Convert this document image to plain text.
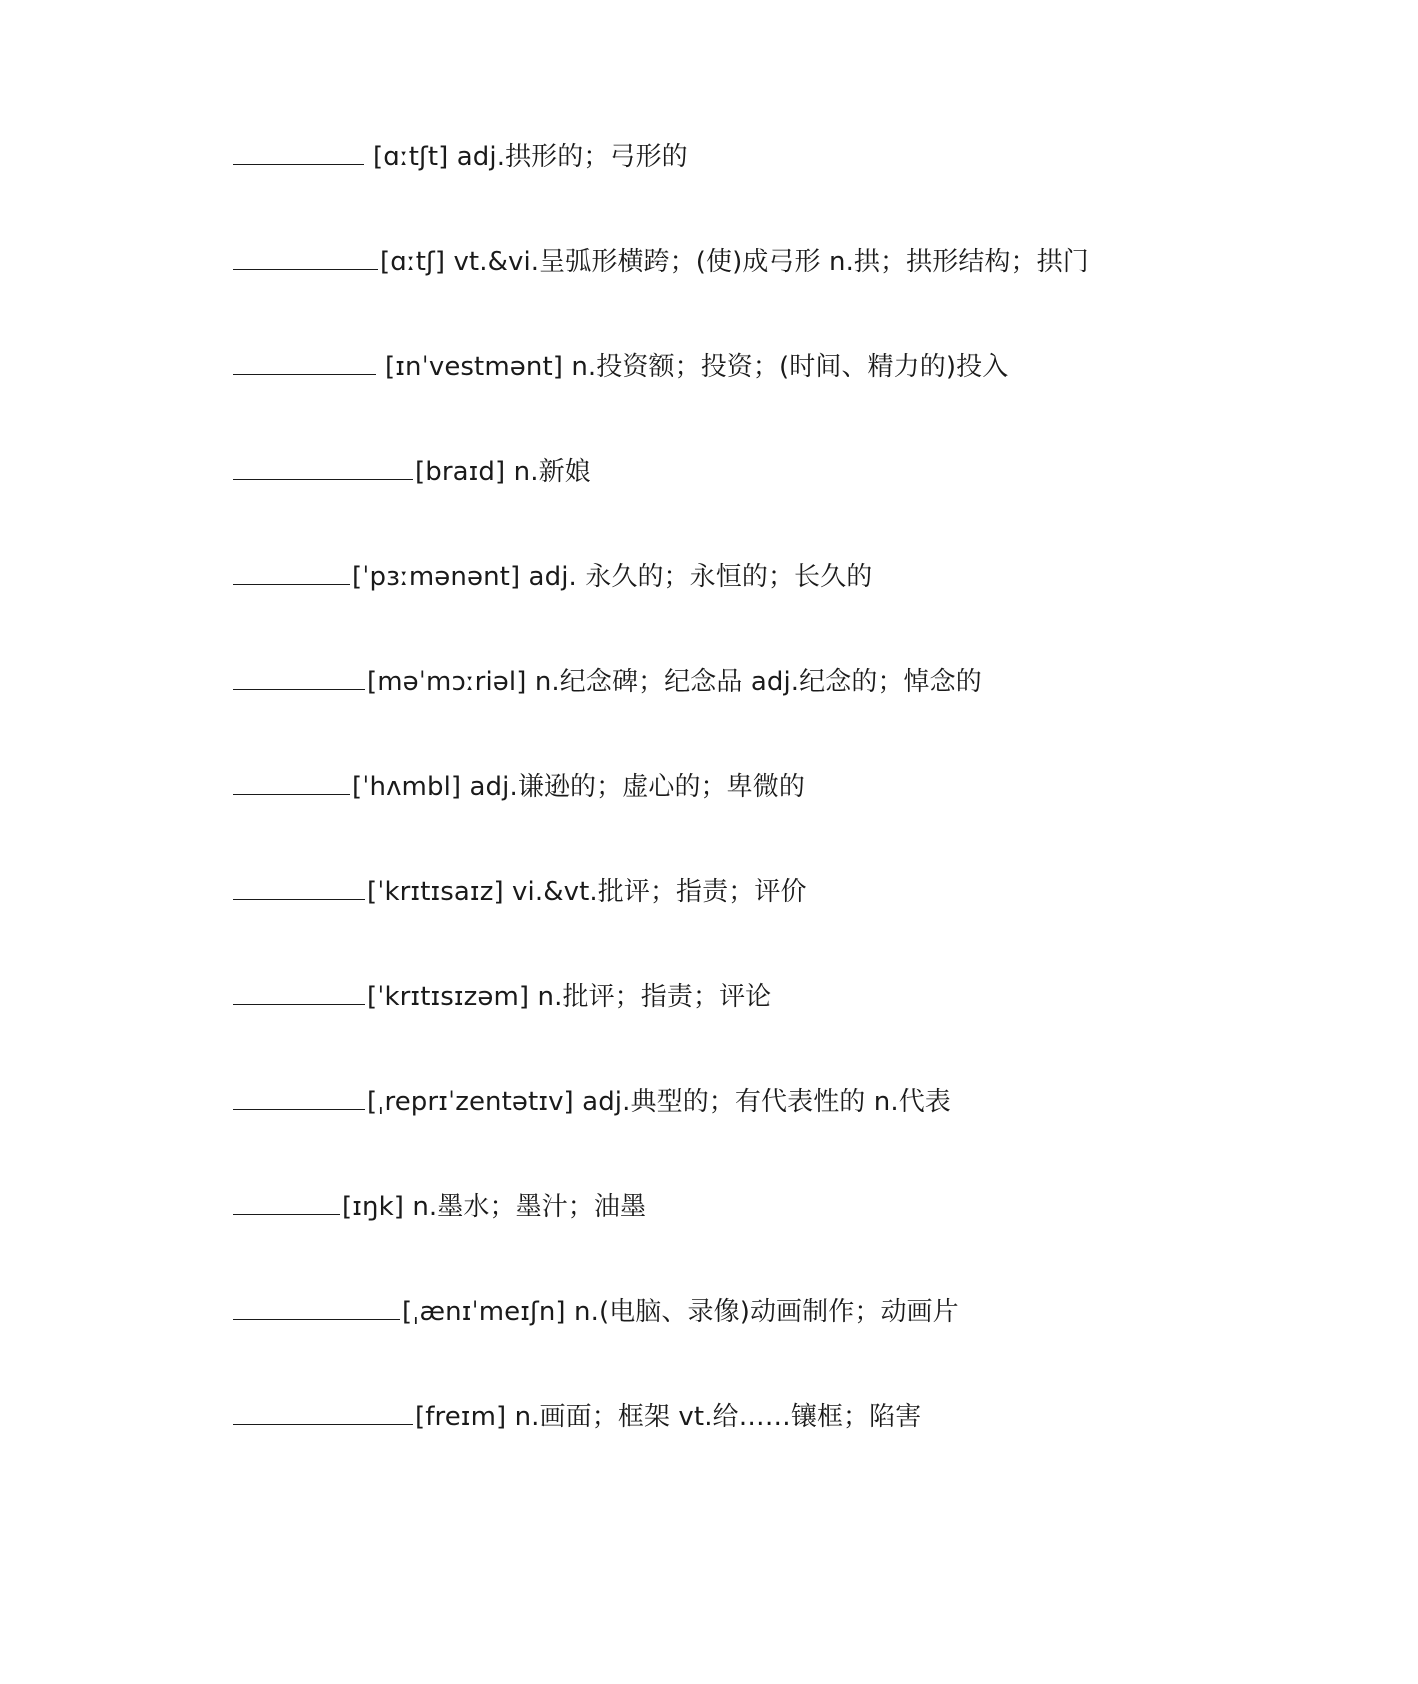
[ɑːtʃt] adj.拱形的；弓形的
[ɑːtʃ] vt.&vi.呈弧形横跨；(使)成弓形 n.拱；拱形结构；拱门
[ɪnˈvestmənt] n.投资额；投资；(时间、精力的)投入
[braɪd] n.新娘
[ˈpɜːmənənt] adj. 永久的；永恒的；长久的
[məˈmɔːriəl] n.纪念碑；纪念品 adj.纪念的；悼念的
[ˈhʌmbl] adj.谦逊的；虚心的；卑微的
[ˈkrɪtɪsaɪz] vi.&vt.批评；指责；评价
[ˈkrɪtɪsɪzəm] n.批评；指责；评论
[ˌreprɪˈzentətɪv] adj.典型的；有代表性的 n.代表
[ɪŋk] n.墨水；墨汁；油墨
[ˌænɪˈmeɪʃn] n.(电脑、录像)动画制作；动画片
[freɪm] n.画面；框架 vt.给……镶框；陷害
